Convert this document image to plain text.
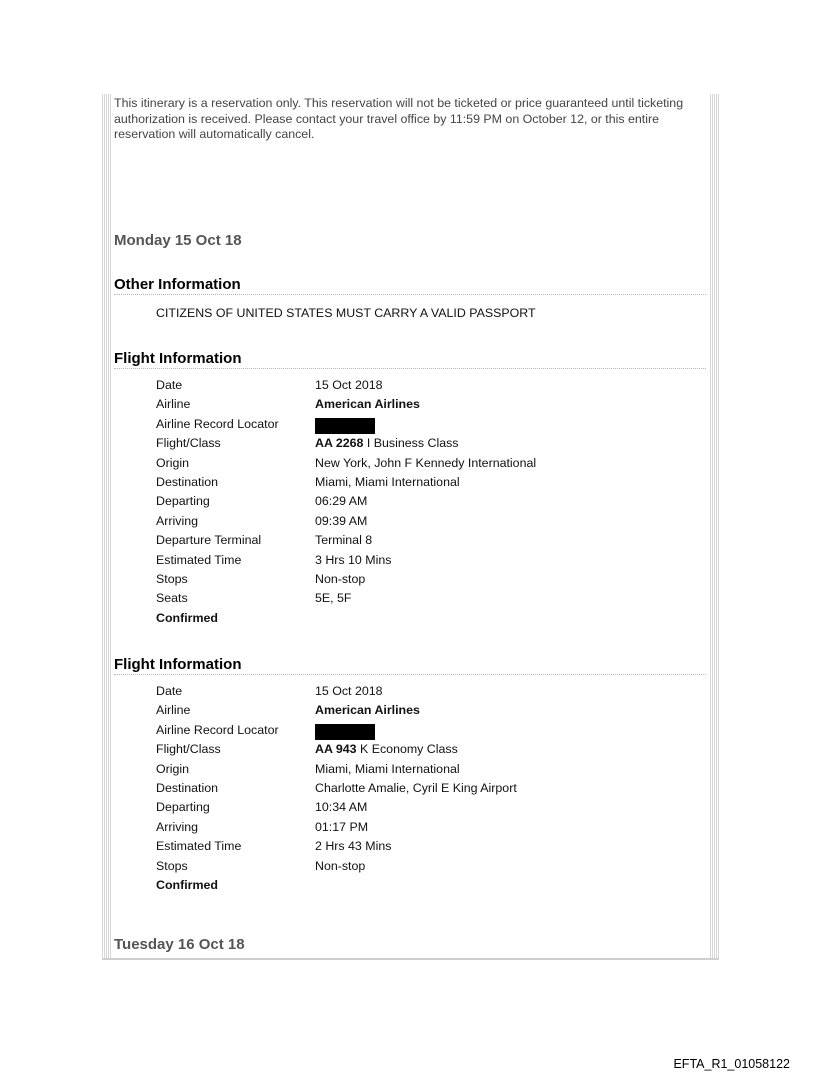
This itinerary is a reservation only. This reservation will not be ticketed or price guaranteed until ticketing authorization is received. Please contact your travel office by 11:59 PM on October 12, or this entire reservation will automatically cancel.
Monday 15 Oct 18
Other Information
CITIZENS OF UNITED STATES MUST CARRY A VALID PASSPORT
Flight Information
Date	15 Oct 2018
Airline	American Airlines
Airline Record Locator
Flight/Class	AA 2268 I Business Class
Origin	New York, John F Kennedy International
Destination	Miami, Miami International
Departing	06:29 AM
Arriving	09:39 AM
Departure Terminal	Terminal 8
Estimated Time	3 Hrs 10 Mins
Stops	Non-stop
Seats	5E, 5F
Confirmed
Flight Information
Date	15 Oct 2018
Airline	American Airlines
Airline Record Locator
Flight/Class	AA 943 K Economy Class
Origin	Miami, Miami International
Destination	Charlotte Amalie, Cyril E King Airport
Departing	10:34 AM
Arriving	01:17 PM
Estimated Time	2 Hrs 43 Mins
Stops	Non-stop
Confirmed
Tuesday 16 Oct 18
EFTA_R1_01058122
